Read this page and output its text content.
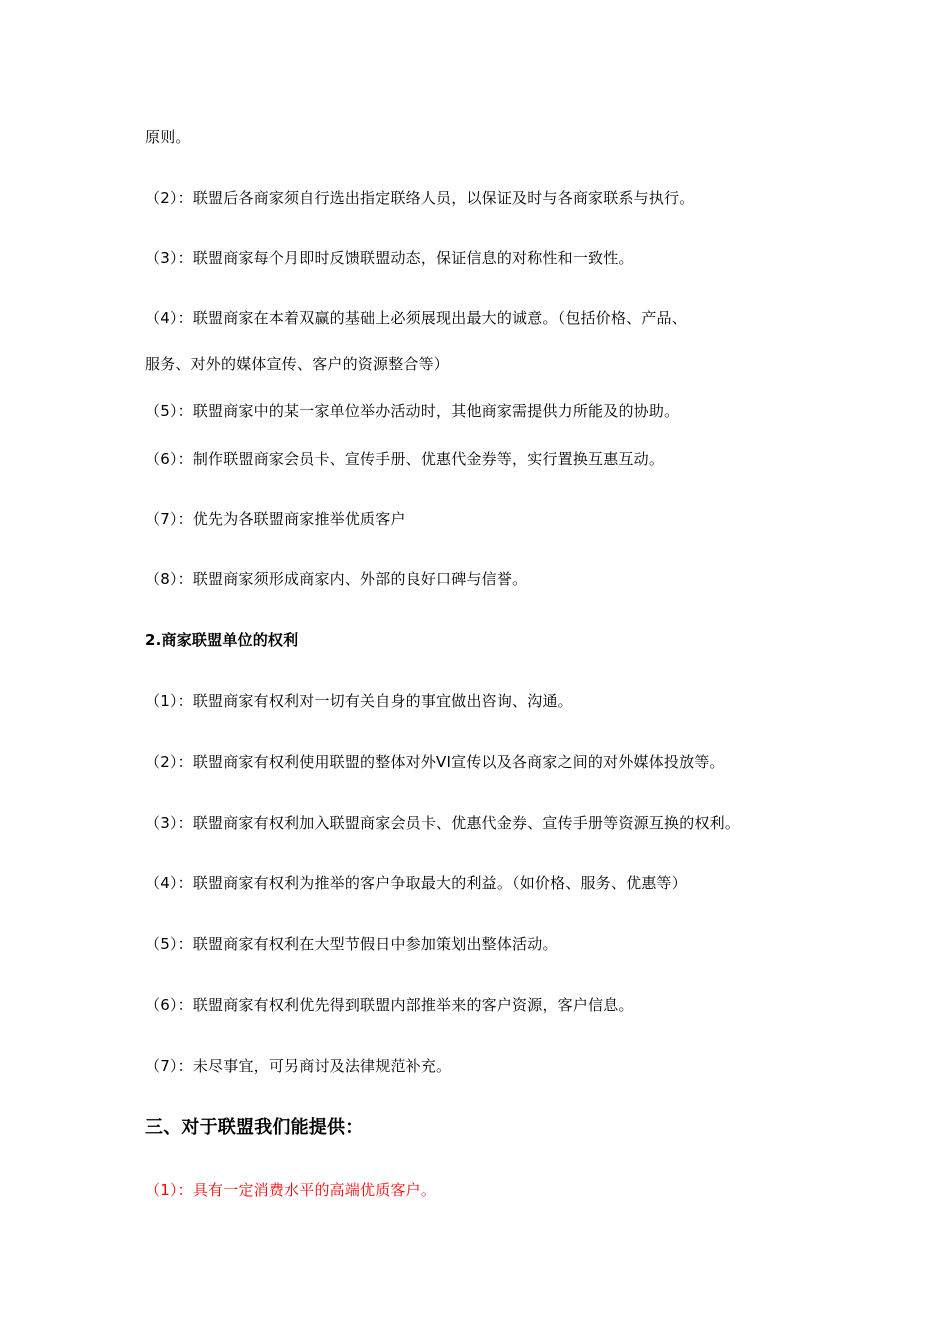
原则。
（2）：联盟后各商家须自行选出指定联络人员，以保证及时与各商家联系与执行。
（3）：联盟商家每个月即时反馈联盟动态，保证信息的对称性和一致性。
（4）：联盟商家在本着双赢的基础上必须展现出最大的诚意。（包括价格、产品、
服务、对外的媒体宣传、客户的资源整合等）
（5）：联盟商家中的某一家单位举办活动时，其他商家需提供力所能及的协助。
（6）：制作联盟商家会员卡、宣传手册、优惠代金券等，实行置换互惠互动。
（7）：优先为各联盟商家推举优质客户
（8）：联盟商家须形成商家内、外部的良好口碑与信誉。
2.商家联盟单位的权利
（1）：联盟商家有权利对一切有关自身的事宜做出咨询、沟通。
（2）：联盟商家有权利使用联盟的整体对外VI宣传以及各商家之间的对外媒体投放等。
（3）：联盟商家有权利加入联盟商家会员卡、优惠代金券、宣传手册等资源互换的权利。
（4）：联盟商家有权利为推举的客户争取最大的利益。（如价格、服务、优惠等）
（5）：联盟商家有权利在大型节假日中参加策划出整体活动。
（6）：联盟商家有权利优先得到联盟内部推举来的客户资源，客户信息。
（7）：未尽事宜，可另商讨及法律规范补充。
三、对于联盟我们能提供：
（1）：具有一定消费水平的高端优质客户。
